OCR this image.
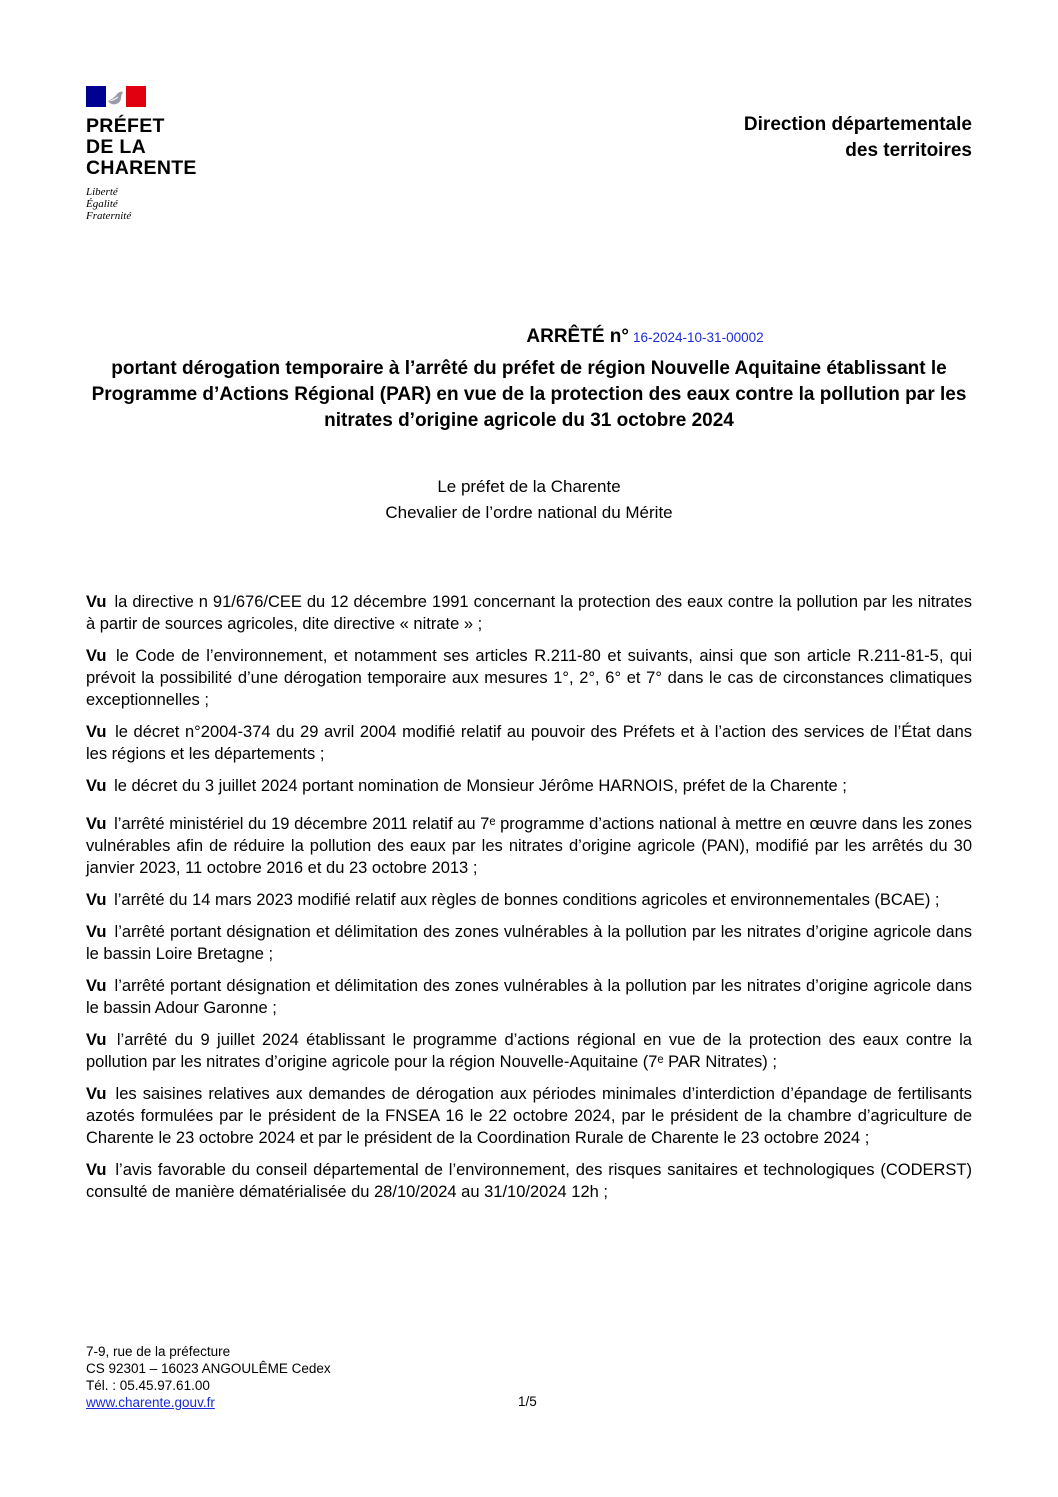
PRÉFET
DE LA
CHARENTE
Liberté
Égalité
Fraternité
Direction départementale
des territoires
ARRÊTÉ n° 16-2024-10-31-00002
portant dérogation temporaire à l’arrêté du préfet de région Nouvelle Aquitaine établissant le Programme d’Actions Régional (PAR) en vue de la protection des eaux contre la pollution par les nitrates d’origine agricole du 31 octobre 2024
Le préfet de la Charente
Chevalier de l’ordre national du Mérite

Vu la directive n 91/676/CEE du 12 décembre 1991 concernant la protection des eaux contre la pollution par les nitrates à partir de sources agricoles, dite directive « nitrate » ;

Vu le Code de l’environnement, et notamment ses articles R.211-80 et suivants, ainsi que son article R.211-81-5, qui prévoit la possibilité d’une dérogation temporaire aux mesures 1°, 2°, 6° et 7° dans le cas de circonstances climatiques exceptionnelles ;

Vu le décret n°2004-374 du 29 avril 2004 modifié relatif au pouvoir des Préfets et à l’action des services de l’État dans les régions et les départements ;

Vu le décret du 3 juillet 2024 portant nomination de Monsieur Jérôme HARNOIS, préfet de la Charente ;

Vu l’arrêté ministériel du 19 décembre 2011 relatif au 7ᵉ programme d’actions national à mettre en œuvre dans les zones vulnérables afin de réduire la pollution des eaux par les nitrates d’origine agricole (PAN), modifié par les arrêtés du 30 janvier 2023, 11 octobre 2016 et du 23 octobre 2013 ;

Vu l’arrêté du 14 mars 2023 modifié relatif aux règles de bonnes conditions agricoles et environnementales (BCAE) ;

Vu l’arrêté portant désignation et délimitation des zones vulnérables à la pollution par les nitrates d’origine agricole dans le bassin Loire Bretagne ;

Vu l’arrêté portant désignation et délimitation des zones vulnérables à la pollution par les nitrates d’origine agricole dans le bassin Adour Garonne ;

Vu l’arrêté du 9 juillet 2024 établissant le programme d’actions régional en vue de la protection des eaux contre la pollution par les nitrates d’origine agricole pour la région Nouvelle-Aquitaine (7ᵉ PAR Nitrates) ;

Vu les saisines relatives aux demandes de dérogation aux périodes minimales d’interdiction d’épandage de fertilisants azotés formulées par le président de la FNSEA 16 le 22 octobre 2024, par le président de la chambre d’agriculture de Charente le 23 octobre 2024 et par le président de la Coordination Rurale de Charente le 23 octobre 2024 ;

Vu l’avis favorable du conseil départemental de l’environnement, des risques sanitaires et technologiques (CODERST) consulté de manière dématérialisée du 28/10/2024 au 31/10/2024 12h ;

7-9, rue de la préfecture
CS 92301 – 16023 ANGOULÊME Cedex
Tél. : 05.45.97.61.00
www.charente.gouv.fr	1/5
